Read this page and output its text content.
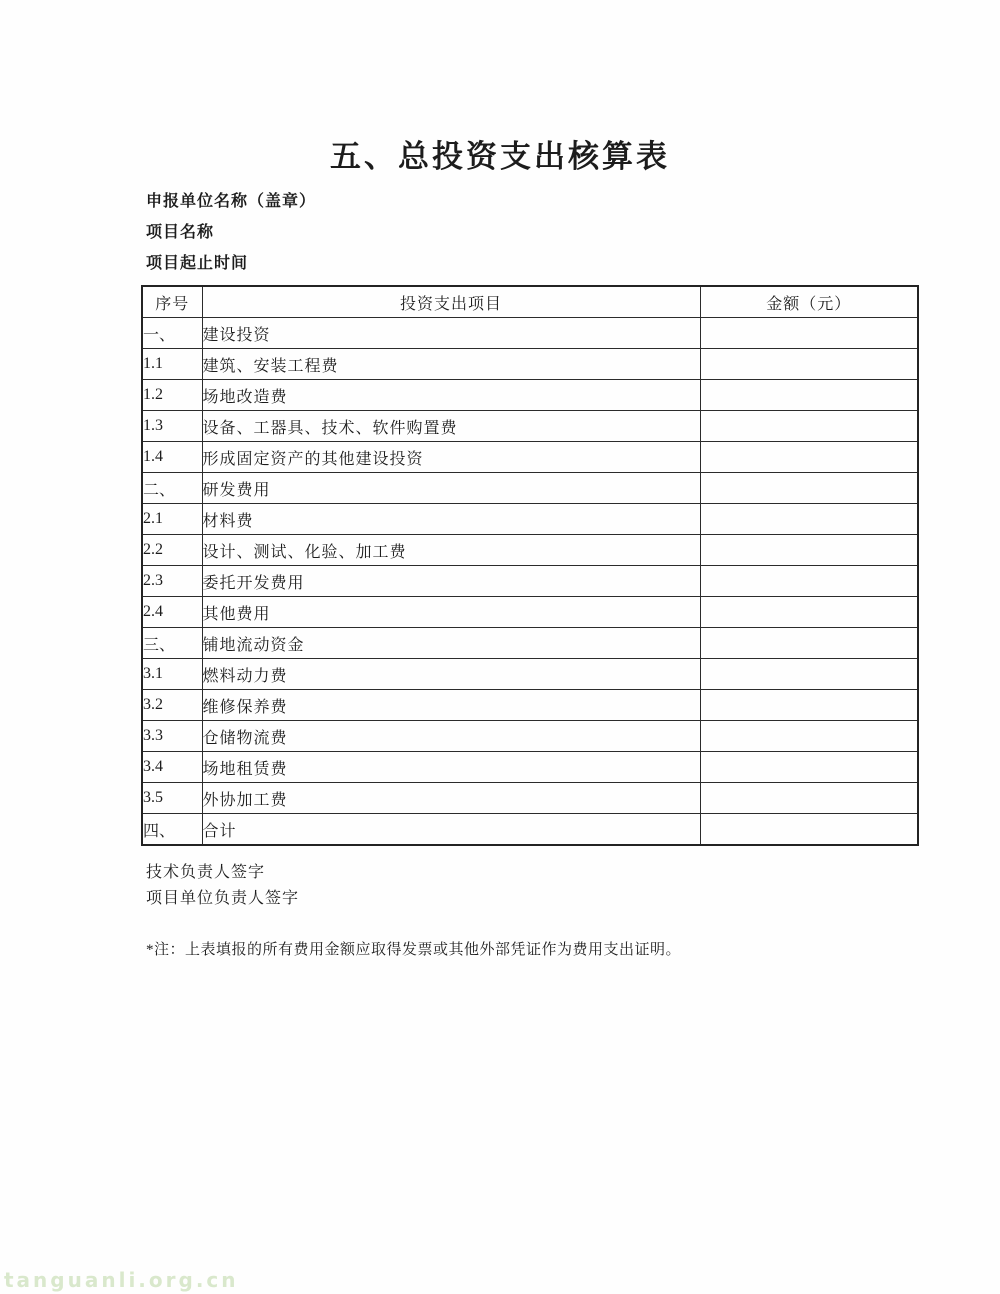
五、总投资支出核算表

申报单位名称（盖章）

项目名称

项目起止时间

序号	投资支出项目	金额（元）
一、	建设投资	
1.1	建筑、安装工程费	
1.2	场地改造费	
1.3	设备、工器具、技术、软件购置费	
1.4	形成固定资产的其他建设投资	
二、	研发费用	
2.1	材料费	
2.2	设计、测试、化验、加工费	
2.3	委托开发费用	
2.4	其他费用	
三、	铺地流动资金	
3.1	燃料动力费	
3.2	维修保养费	
3.3	仓储物流费	
3.4	场地租赁费	
3.5	外协加工费	
四、	合计	

技术负责人签字

项目单位负责人签字

*注：上表填报的所有费用金额应取得发票或其他外部凭证作为费用支出证明。

tanguanli.org.cn
